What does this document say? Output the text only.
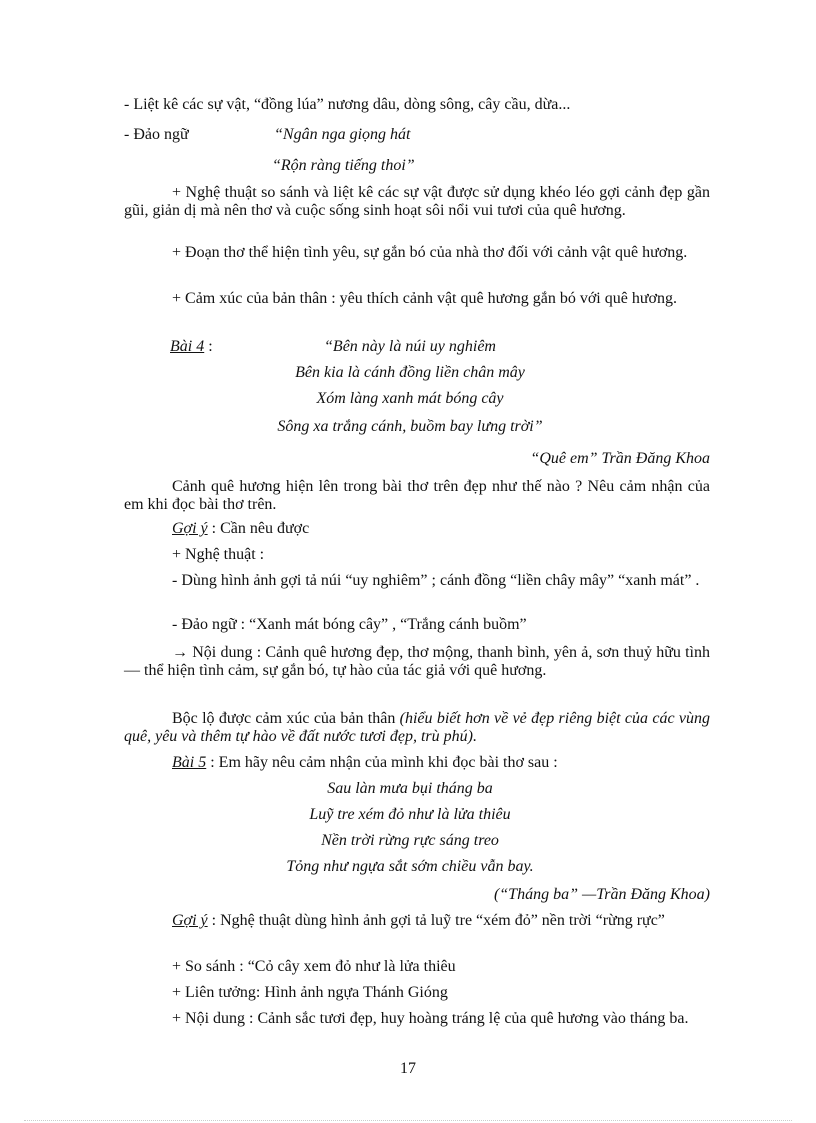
- Liệt kê các sự vật, “đồng lúa” nương dâu, dòng sông, cây cầu, dừa...

- Đảo ngữ	“Ngân nga giọng hát

“Rộn ràng tiếng thoi”

+ Nghệ thuật so sánh và liệt kê các sự vật được sử dụng khéo léo gợi cảnh đẹp gần gũi, giản dị mà nên thơ và cuộc sống sinh hoạt sôi nổi vui tươi của quê hương.

+ Đoạn thơ thể hiện tình yêu, sự gắn bó của nhà thơ đối với cảnh vật quê hương.

+ Cảm xúc của bản thân : yêu thích cảnh vật quê hương gắn bó với quê hương.

Bài 4 :	“Bên này là núi uy nghiêm

Bên kia là cánh đồng liền chân mây

Xóm làng xanh mát bóng cây

Sông xa trắng cánh, buồm bay lưng trời”

“Quê em” Trần Đăng Khoa

Cảnh quê hương hiện lên trong bài thơ trên đẹp như thế nào ? Nêu cảm nhận của em khi đọc bài thơ trên.

Gợi ý : Cần nêu được

+ Nghệ thuật :

- Dùng hình ảnh gợi tả núi “uy nghiêm” ; cánh đồng “liền chây mây” “xanh mát” .

- Đảo ngữ : “Xanh mát bóng cây” , “Trắng cánh buồm”

→ Nội dung : Cảnh quê hương đẹp, thơ mộng, thanh bình, yên ả, sơn thuỷ hữu tình — thể hiện tình cảm, sự gắn bó, tự hào của tác giả với quê hương.

Bộc lộ được cảm xúc của bản thân (hiểu biết hơn về vẻ đẹp riêng biệt của các vùng quê, yêu và thêm tự hào về đất nước tươi đẹp, trù phú).

Bài 5 : Em hãy nêu cảm nhận của mình khi đọc bài thơ sau :

Sau làn mưa bụi tháng ba

Luỹ tre xém đỏ như là lửa thiêu

Nền trời rừng rực sáng treo

Tỏng như ngựa sắt sớm chiều vẫn bay.

(“Tháng ba” —Trần Đăng Khoa)

Gợi ý : Nghệ thuật dùng hình ảnh gợi tả luỹ tre “xém đỏ” nền trời “rừng rực”

+ So sánh : “Cỏ cây xem đỏ như là lửa thiêu

+ Liên tưởng: Hình ảnh ngựa Thánh Gióng

+ Nội dung : Cảnh sắc tươi đẹp, huy hoàng tráng lệ của quê hương vào tháng ba.

17
